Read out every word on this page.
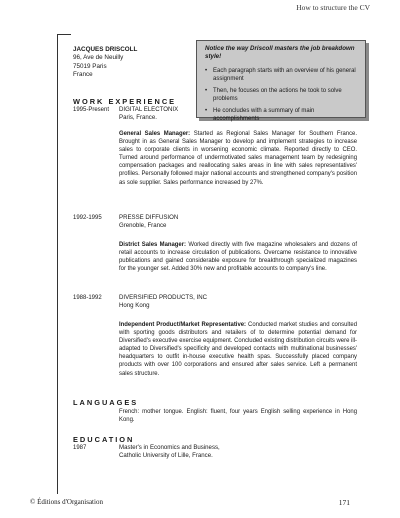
How to structure the CV
Notice the way Driscoll masters the job breakdown style!
• Each paragraph starts with an overview of his general assignment
• Then, he focuses on the actions he took to solve problems
• He concludes with a summary of main accomplishments
JACQUES DRISCOLL
96, Ave de Neuilly
75019 Paris
France
WORK EXPERIENCE
1995-Present DIGITAL ELECTONIX
Paris, France.
General Sales Manager: Started as Regional Sales Manager for Southern France. Brought in as General Sales Manager to develop and implement strategies to increase sales to corporate clients in worsening economic climate. Reported directly to CEO. Turned around performance of undermotivated sales management team by redesigning compensation packages and reallocating sales areas in line with sales representatives' profiles. Personally followed major national accounts and strengthened company's position as sole supplier. Sales performance increased by 27%.
1992-1995	PRESSE DIFFUSION
Grenoble, France
District Sales Manager: Worked directly with five magazine wholesalers and dozens of retail accounts to increase circulation of publications. Overcame resistance to innovative publications and gained considerable exposure for breakthrough specialized magazines for the younger set. Added 30% new and profitable accounts to company's line.
1988-1992	DIVERSIFIED PRODUCTS, INC
Hong Kong
Independent Product/Market Representative: Conducted market studies and consulted with sporting goods distributors and retailers of to determine potential demand for Diversified's executive exercise equipment. Concluded existing distribution circuits were ill-adapted to Diversified's specificity and developed contacts with multinational businesses' headquarters to outfit in-house executive health spas. Successfully placed company products with over 100 corporations and ensured after sales service. Left a permanent sales structure.
LANGUAGES
French: mother tongue. English: fluent, four years English selling experience in Hong Kong.
EDUCATION
1987	Master's in Economics and Business,
Catholic University of Lille, France.
© Éditions d'Organisation	171
